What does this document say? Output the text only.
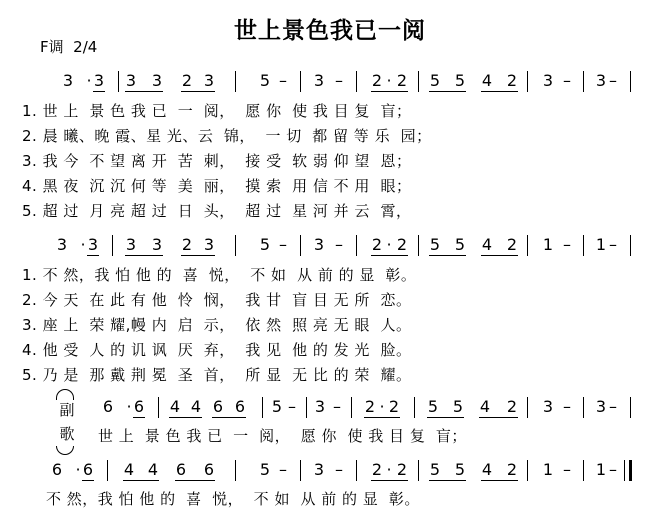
世上景色我已一阅
F调  2/4
3 · 3 3 3 2 3	5 – 3 – 2 · 2 5 5 4 2 3 – 3 –
1. 世 上  景 色 我 已  一  阅，  愿 你  使 我 目 复  盲；
2. 晨 曦、晚 霞、星 光、云  锦，  一 切  都 留 等 乐  园；
3. 我 今  不 望 离 开  苦  刺，  接 受  软 弱 仰 望  恩；
4. 黑 夜  沉 沉 何 等  美  丽，  摸 索  用 信 不 用  眼；
5. 超 过  月 亮 超 过  日  头，  超 过  星 河 并 云  霄，
3 · 3 3 3 2 3	5 – 3 – 2 · 2 5 5 4 2 1 – 1 –
1. 不 然，我 怕 他 的  喜  悦，  不 如  从 前 的 显  彰。
2. 今 天  在 此 有 他  怜  悯，  我 甘  盲 目 无 所  恋。
3. 座 上  荣 耀,幔 内  启  示，  依 然  照 亮 无 眼  人。
4. 他 受  人 的 讥 讽  厌  弃，  我 见  他 的 发 光  脸。
5. 乃 是  那 戴 荆 冕  圣  首，  所 显  无 比 的 荣  耀。
副
歌
6 · 6 4 4 6 6 5 – 3 – 2 · 2 5 5 4 2 3 – 3 –
世 上  景 色 我 已  一  阅，  愿 你  使 我 目 复  盲；
6 · 6 4 4 6 6	5 – 3 – 2 · 2 5 5 4 2 1 – 1 –
不 然，我 怕 他 的  喜  悦，  不 如  从 前 的 显  彰。
